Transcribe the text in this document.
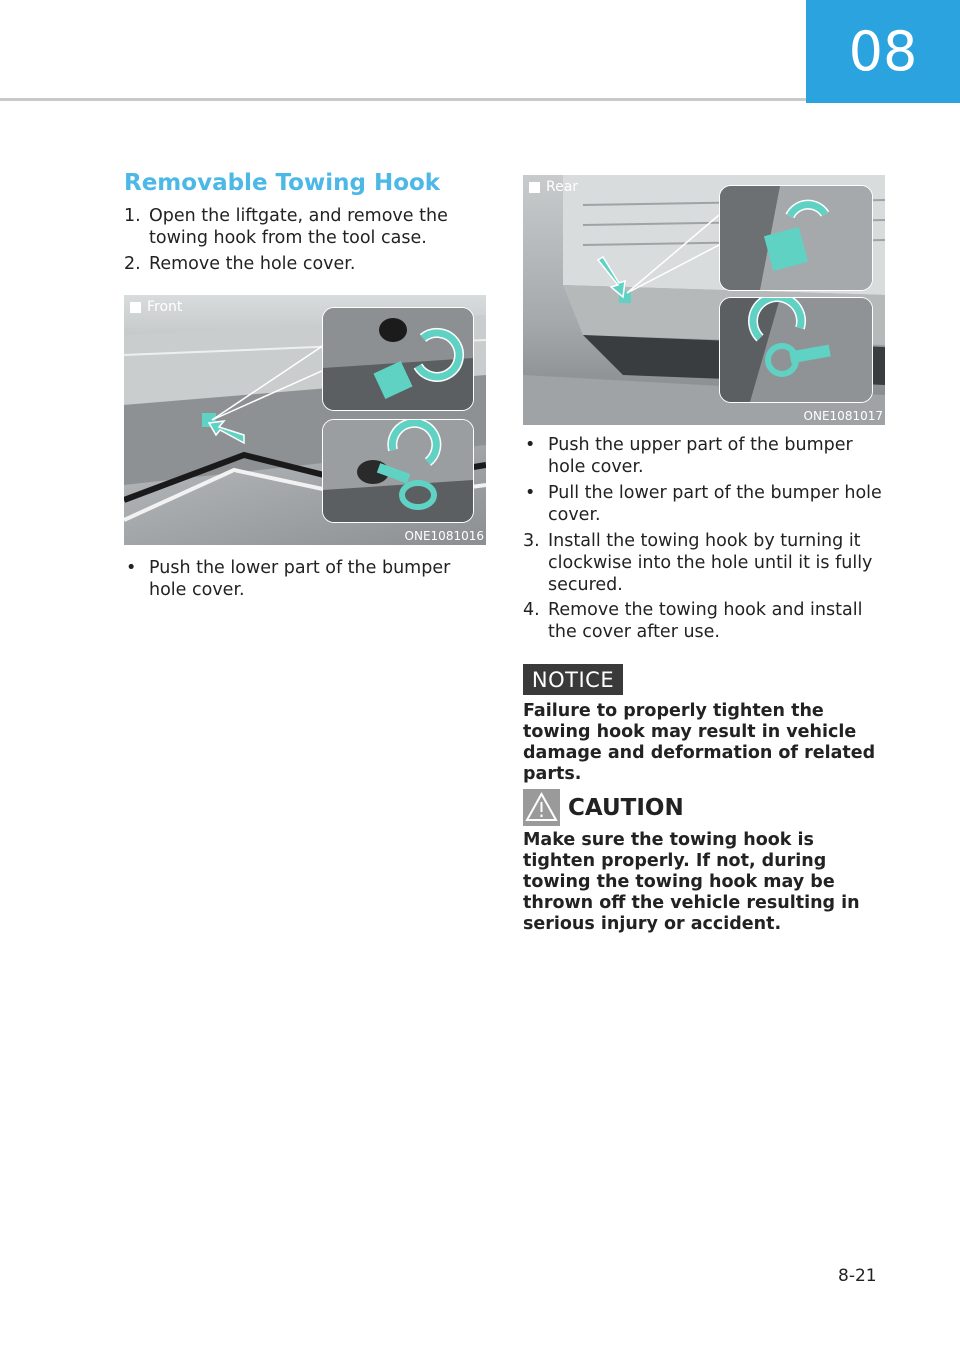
08
Removable Towing Hook
1. Open the liftgate, and remove the towing hook from the tool case.
2. Remove the hole cover.
Front
ONE1081016
• Push the lower part of the bumper hole cover.
Rear
ONE1081017
• Push the upper part of the bumper hole cover.
• Pull the lower part of the bumper hole cover.
3. Install the towing hook by turning it clockwise into the hole until it is fully secured.
4. Remove the towing hook and install the cover after use.
NOTICE
Failure to properly tighten the towing hook may result in vehicle damage and deformation of related parts.
CAUTION
Make sure the towing hook is tighten properly. If not, during towing the towing hook may be thrown off the vehicle resulting in serious injury or accident.
8-21
